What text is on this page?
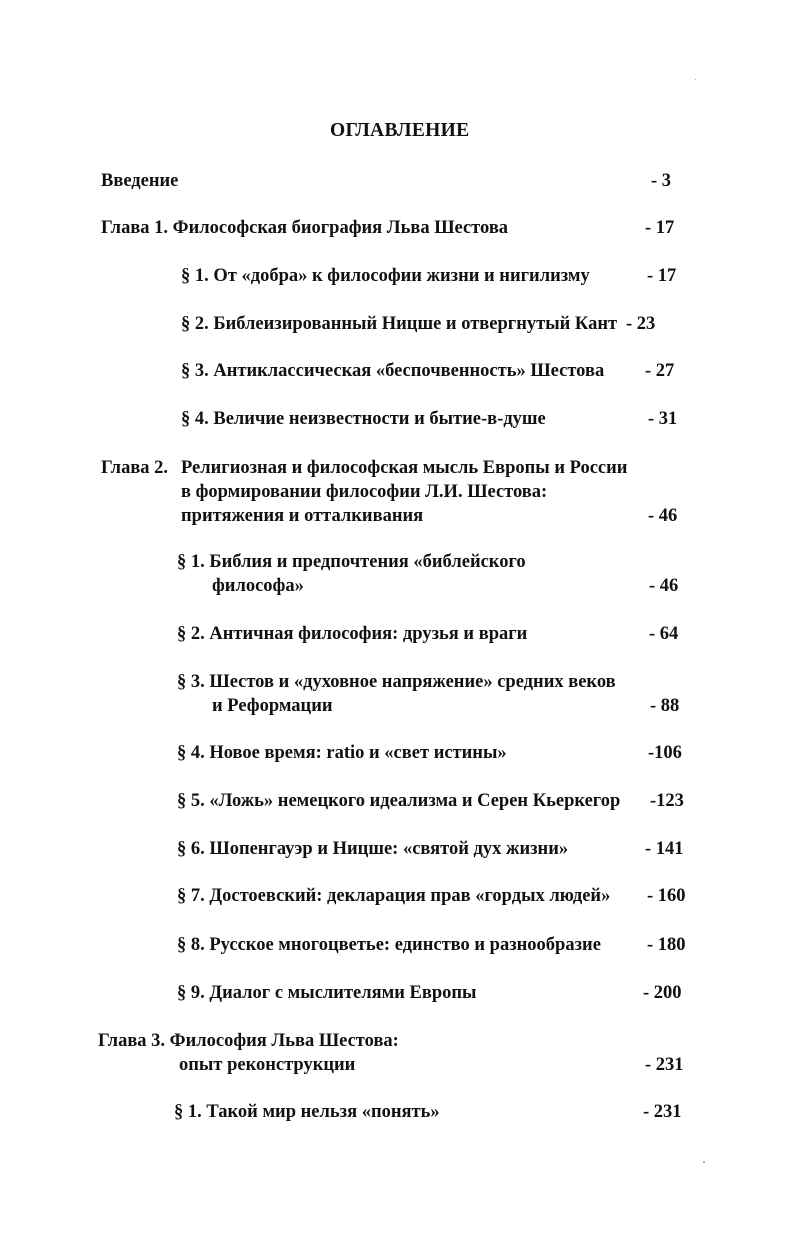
ОГЛАВЛЕНИЕ
Введение	- 3
Глава 1. Философская биография Льва Шестова	- 17
§ 1. От «добра» к философии жизни и нигилизму	- 17
§ 2. Библеизированный Ницше и отвергнутый Кант - 23
§ 3. Антиклассическая «беспочвенность» Шестова - 27
§ 4. Величие неизвестности и бытие-в-душе	- 31
Глава 2. Религиозная и философская мысль Европы и России
в формировании философии Л.И. Шестова:
притяжения и отталкивания	- 46
§ 1. Библия и предпочтения «библейского
философа»	- 46
§ 2. Античная философия: друзья и враги	- 64
§ 3. Шестов и «духовное напряжение» средних веков
и Реформации	- 88
§ 4. Новое время: ratio и «свет истины»	-106
§ 5. «Ложь» немецкого идеализма и Серен Кьеркегор -123
§ 6. Шопенгауэр и Ницше: «святой дух жизни»	- 141
§ 7. Достоевский: декларация прав «гордых людей» - 160
§ 8. Русское многоцветье: единство и разнообразие - 180
§ 9. Диалог с мыслителями Европы	- 200
Глава 3. Философия Льва Шестова:
опыт реконструкции	- 231
§ 1. Такой мир нельзя «понять»	- 231
